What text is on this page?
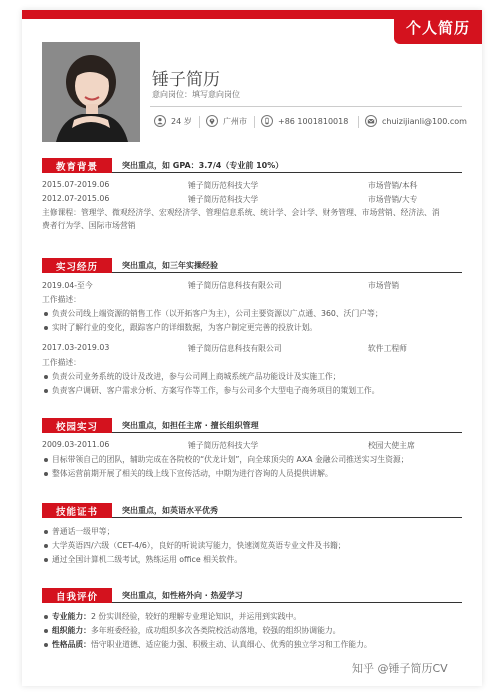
个人简历
锤子简历
意向岗位：填写意向岗位
24 岁	广州市	+86 1001810018	chuizijianli@100.com
教育背景	突出重点，如 GPA：3.7/4（专业前 10%）
2015.07-2019.06	锤子简历范科技大学	市场营销/本科
2012.07-2015.06	锤子简历范科技大学	市场营销/大专
主修课程：管理学、微观经济学、宏观经济学、管理信息系统、统计学、会计学、财务管理、市场营销、经济法、消
费者行为学、国际市场营销
实习经历	突出重点，如三年实操经验
2019.04-至今	锤子简历信息科技有限公司	市场营销
工作描述：
负责公司线上端资源的销售工作（以开拓客户为主），公司主要资源以广点通、360、沃门户等；
实时了解行业的变化，跟踪客户的详细数据，为客户制定更完善的投放计划。
2017.03-2019.03	锤子简历信息科技有限公司	软件工程师
工作描述：
负责公司业务系统的设计及改进，参与公司网上商城系统产品功能设计及实施工作；
负责客户调研、客户需求分析、方案写作等工作，参与公司多个大型电子商务项目的策划工作。
校园实习	突出重点，如担任主席 · 擅长组织管理
2009.03-2011.06	锤子简历范科技大学	校园大使主席
目标带领自己的团队，辅助完成在各院校的“伏龙计划”，向全球顶尖的 AXA 金融公司推送实习生资源；
整体运营前期开展了相关的线上线下宣传活动，中期为进行咨询的人员提供讲解。
技能证书	突出重点，如英语水平优秀
普通话一级甲等；
大学英语四/六级（CET-4/6），良好的听说读写能力，快速浏览英语专业文件及书籍；
通过全国计算机二级考试，熟练运用 office 相关软件。
自我评价	突出重点，如性格外向 · 热爱学习
专业能力：2 份实训经验，较好的理解专业理论知识，并运用到实践中。
组织能力：多年班委经验，成功组织多次各类院校活动落地，较强的组织协调能力。
性格品质：悟守职业道德、适应能力强、积极主动、认真细心、优秀的独立学习和工作能力。
知乎 @锤子简历CV
